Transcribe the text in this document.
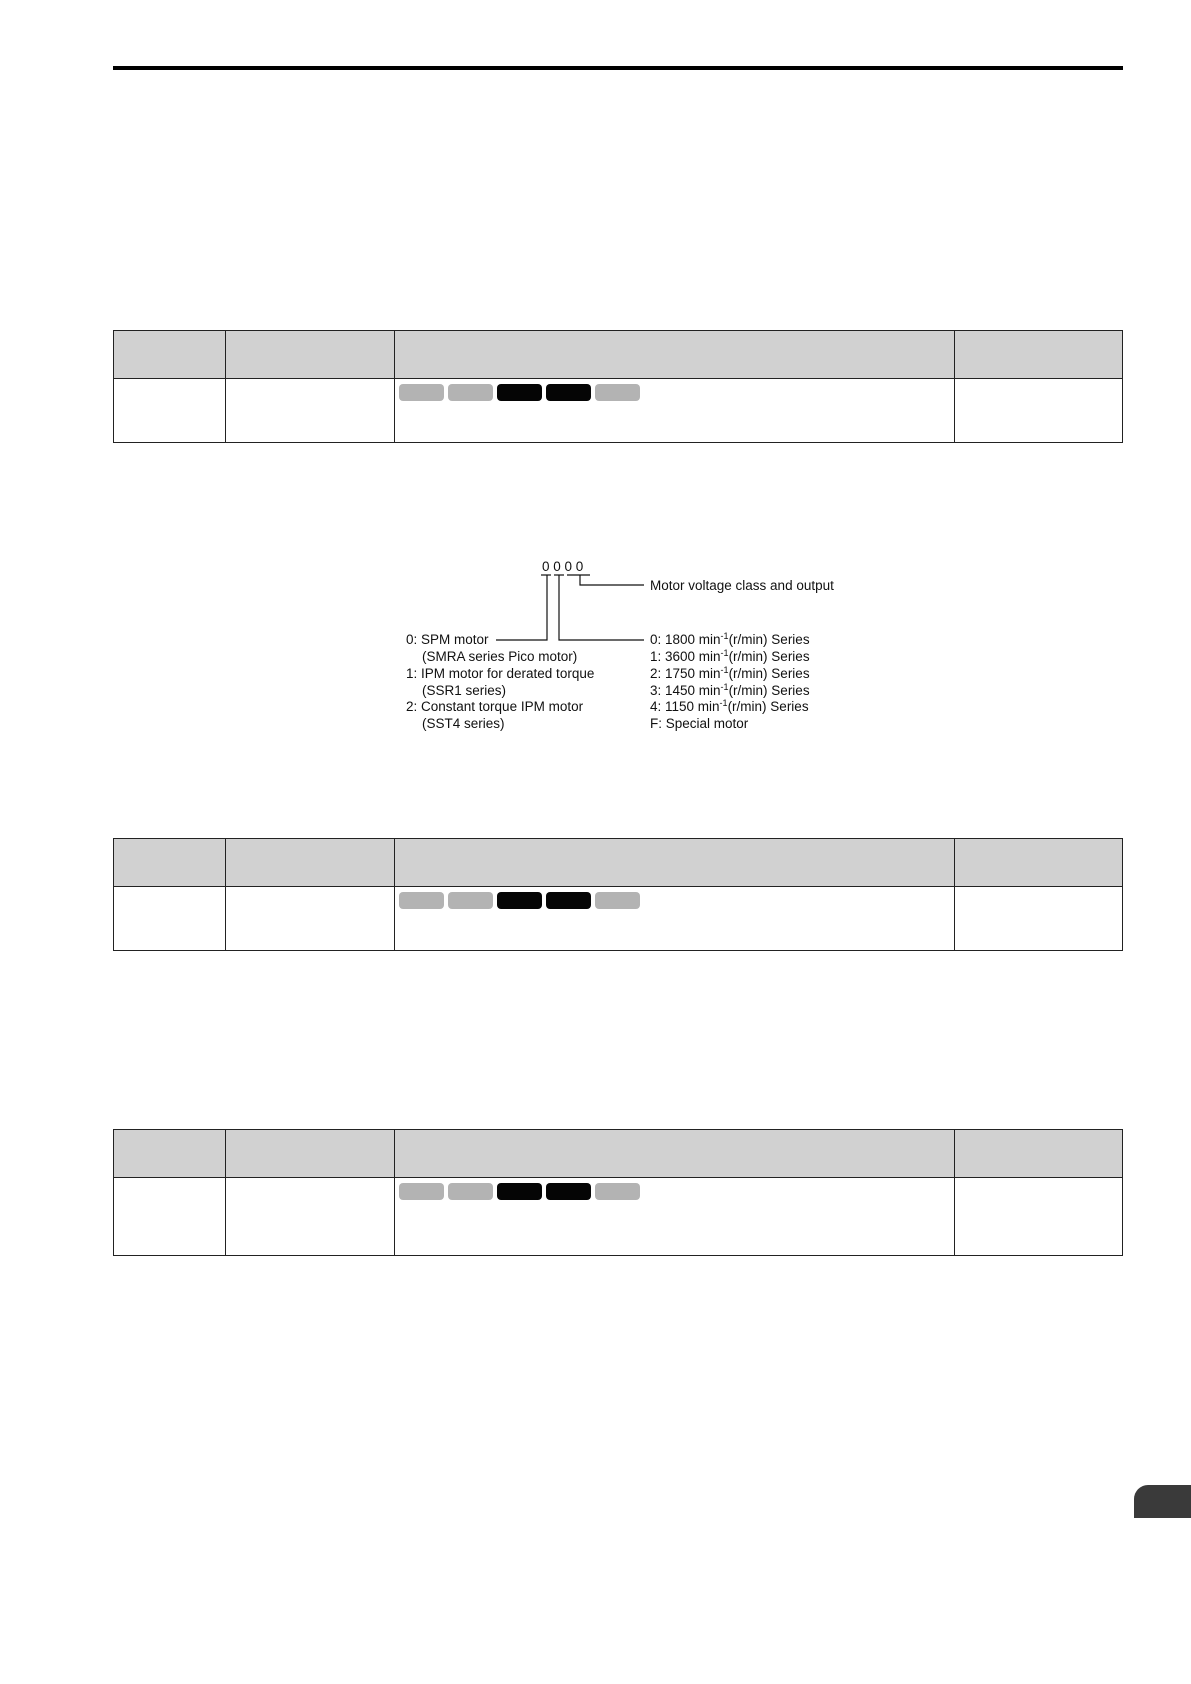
0 0 0 0
Motor voltage class and output
0: SPM motor
(SMRA series Pico motor)
1: IPM motor for derated torque
(SSR1 series)
2: Constant torque IPM motor
(SST4 series)
0: 1800 $\min^{-1}(r/\min)$ Series
1: 3600 $\min^{-1}(r/\min)$ Series
2: 1750 $\min^{-1}(r/\min)$ Series
3: 1450 $\min^{-1}(r/\min)$ Series
4: 1150 $\min^{-1}(r/\min)$ Series
F: Special motor
